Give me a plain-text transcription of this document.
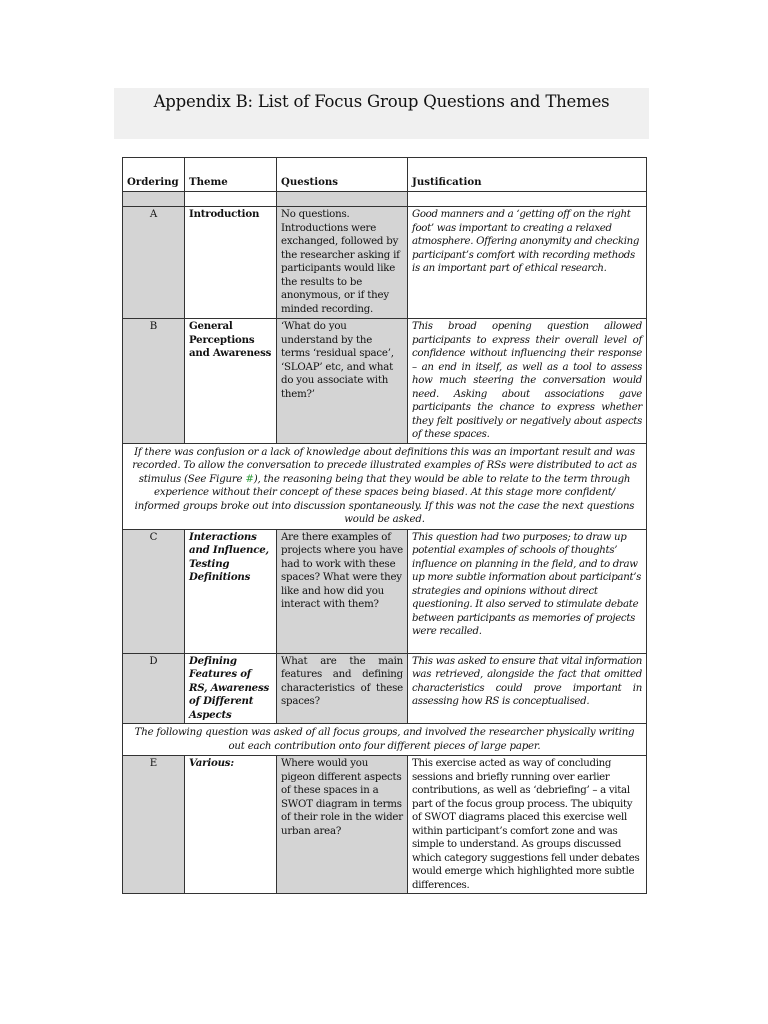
Appendix B: List of Focus Group Questions and Themes
Ordering	Theme	Questions	Justification

A	Introduction	No questions. Introductions were exchanged, followed by the researcher asking if participants would like the results to be anonymous, or if they minded recording.	Good manners and a ‘getting off on the right foot’ was important to creating a relaxed atmosphere. Offering anonymity and checking participant’s comfort with recording methods is an important part of ethical research.
B	General Perceptions and Awareness	‘What do you understand by the terms ‘residual space’, ‘SLOAP’ etc, and what do you associate with them?’	This broad opening question allowed participants to express their overall level of confidence without influencing their response – an end in itself, as well as a tool to assess how much steering the conversation would need. Asking about associations gave participants the chance to express whether they felt positively or negatively about aspects of these spaces.
If there was confusion or a lack of knowledge about definitions this was an important result and was recorded. To allow the conversation to precede illustrated examples of RSs were distributed to act as stimulus (See Figure #), the reasoning being that they would be able to relate to the term through experience without their concept of these spaces being biased. At this stage more confident/ informed groups broke out into discussion spontaneously. If this was not the case the next questions would be asked.			
C	Interactions and Influence, Testing Definitions	Are there examples of projects where you have had to work with these spaces? What were they like and how did you interact with them?	This question had two purposes; to draw up potential examples of schools of thoughts’ influence on planning in the field, and to draw up more subtle information about participant’s strategies and opinions without direct questioning. It also served to stimulate debate between participants as memories of projects were recalled.
D	Defining Features of RS, Awareness of Different Aspects	What are the main features and defining characteristics of these spaces?	This was asked to ensure that vital information was retrieved, alongside the fact that omitted characteristics could prove important in assessing how RS is conceptualised.
The following question was asked of all focus groups, and involved the researcher physically writing out each contribution onto four different pieces of large paper.			
E	Various:	Where would you pigeon different aspects of these spaces in a SWOT diagram in terms of their role in the wider urban area?	This exercise acted as way of concluding sessions and briefly running over earlier contributions, as well as ‘debriefing’ – a vital part of the focus group process. The ubiquity of SWOT diagrams placed this exercise well within participant’s comfort zone and was simple to understand. As groups discussed which category suggestions fell under debates would emerge which highlighted more subtle differences.
